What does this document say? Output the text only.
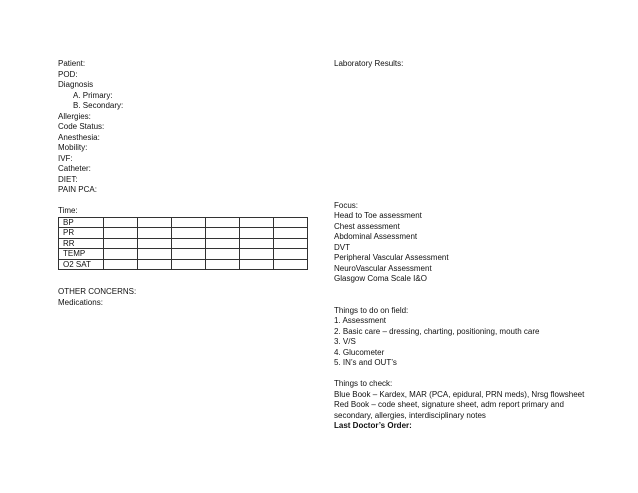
Patient:
POD:
Diagnosis
A. Primary:
B. Secondary:
Allergies:
Code Status:
Anesthesia:
Mobility:
IVF:
Catheter:
DIET:
PAIN PCA:
Time:
BP						
PR						
RR						
TEMP						
O2 SAT						
OTHER CONCERNS:
Medications:
Laboratory Results:
Focus:
Head to Toe assessment
Chest assessment
Abdominal Assessment
DVT
Peripheral Vascular Assessment
NeuroVascular Assessment
Glasgow Coma Scale I&O
Things to do on field:
1. Assessment
2. Basic care – dressing, charting, positioning, mouth care
3. V/S
4. Glucometer
5. IN’s and OUT’s
Things to check:
Blue Book – Kardex, MAR (PCA, epidural, PRN meds), Nrsg flowsheet
Red Book – code sheet, signature sheet, adm report primary and
secondary, allergies, interdisciplinary notes
Last Doctor’s Order:
